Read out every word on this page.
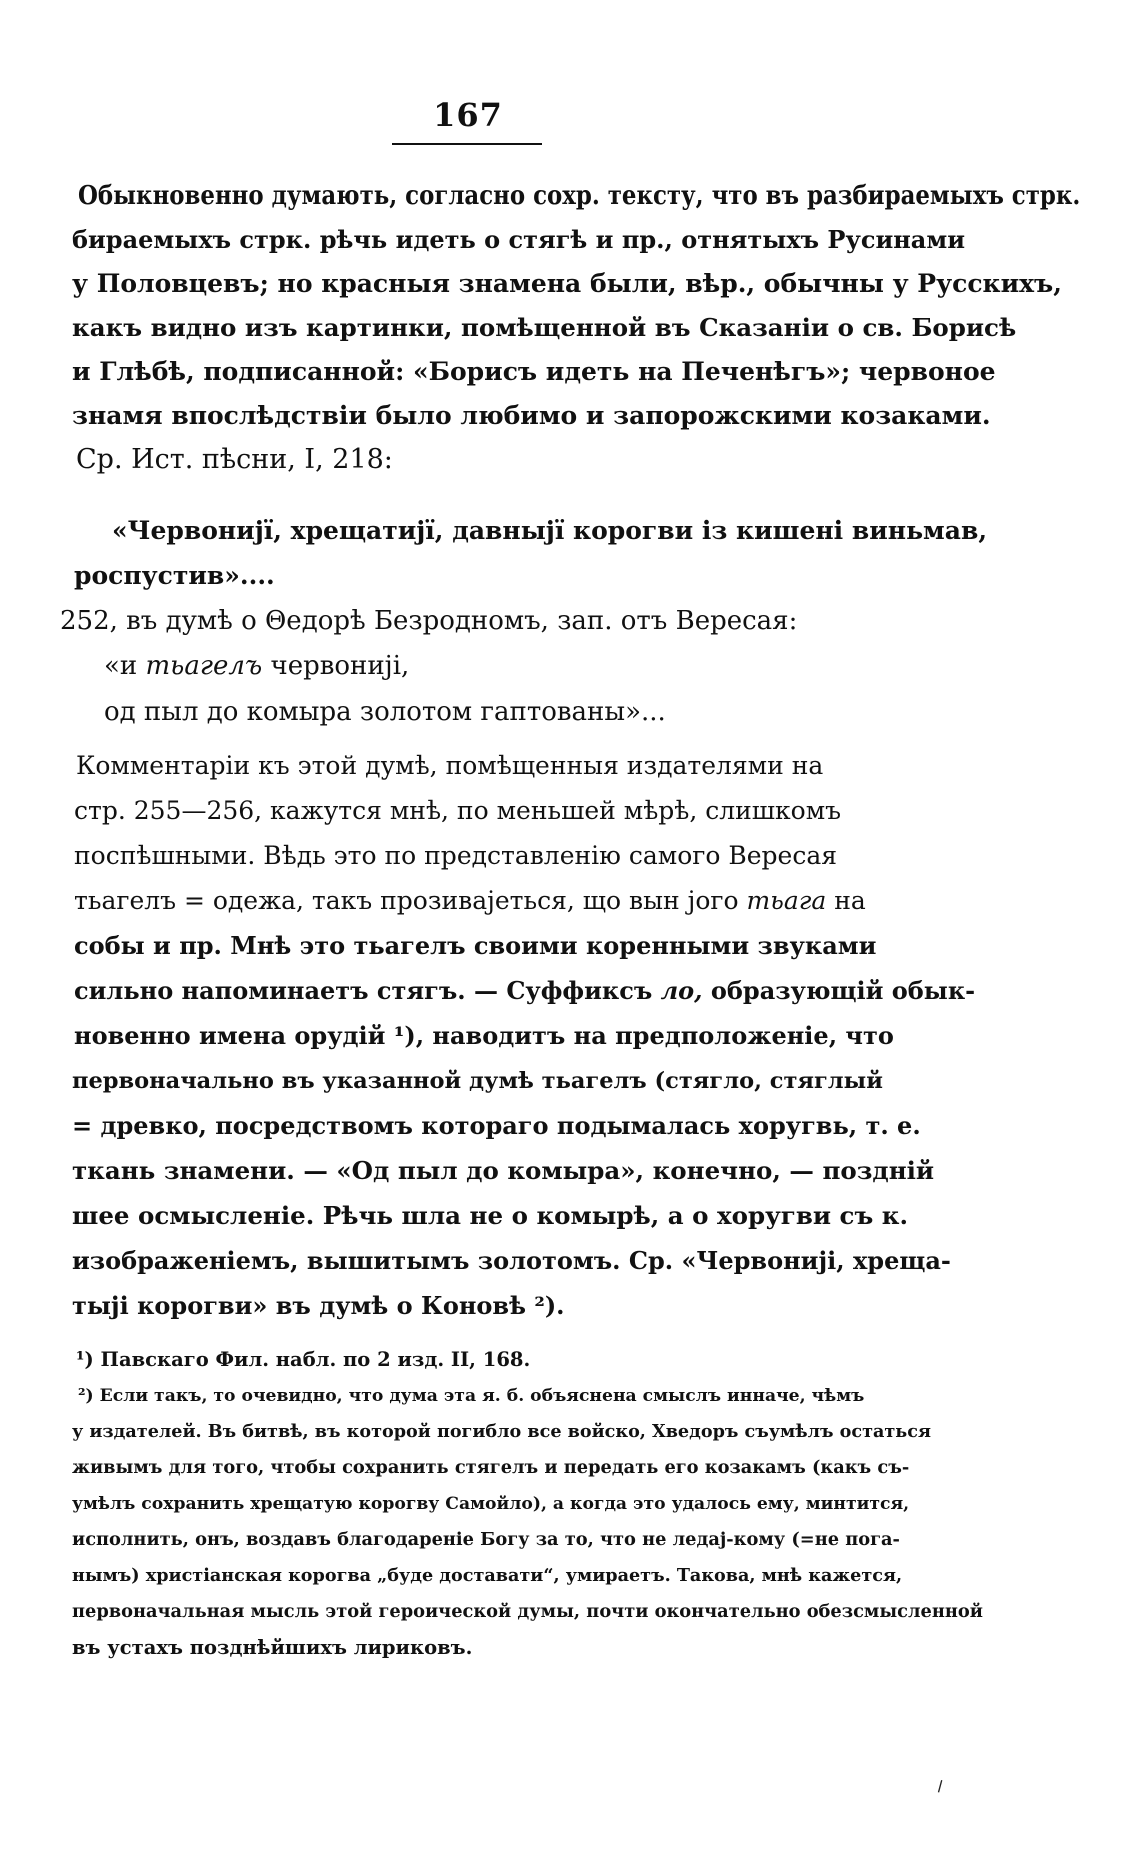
167
Обыкновенно думають, согласно сохр. тексту, что въ разбираемыхъ стрк.
бираемыхъ стрк. рѣчь идеть о стягѣ и пр., отнятыхъ Русинами
у Половцевъ; но красныя знамена были, вѣр., обычны у Русскихъ,
какъ видно изъ картинки, помѣщенной въ Сказаніи о св. Борисѣ
и Глѣбѣ, подписанной: «Борисъ идеть на Печенѣгъ»; червоное
знамя впослѣдствіи было любимо и запорожскими козаками.
Ср. Ист. пѣсни, I, 218:
«Червониjï, хрещатиjï, давныjï корогви із кишені виньмав,
роспустив»....
252, въ думѣ о Θедорѣ Безродномъ, зап. отъ Вересая:
«и тьагелъ червониjі,
од пыл до комыра золотом гаптованы»...
Комментаріи къ этой думѣ, помѣщенныя издателями на
стр. 255—256, кажутся мнѣ, по меньшей мѣрѣ, слишкомъ
поспѣшными. Вѣдь это по представленію самого Вересая
тьагелъ = одежа, такъ прозиваjеться, що вын jого тьага на
собы и пр. Мнѣ это тьагелъ своими коренными звуками
сильно напоминаетъ стягъ. — Суффиксъ ло, образующій обык-
новенно имена орудій ¹), наводитъ на предположеніе, что
первоначально въ указанной думѣ тьагелъ (стягло, стяглый
= древко, посредствомъ котораго подымалась хоругвь, т. е.
ткань знамени. — «Од пыл до комыра», конечно, — поздній
шее осмысленіе. Рѣчь шла не о комырѣ, а о хоругви съ к.
изображеніемъ, вышитымъ золотомъ. Ср. «Червониjі, хреща-
тыjі корогви» въ думѣ о Коновѣ ²).
¹) Павскаго Фил. набл. по 2 изд. II, 168.
²) Если такъ, то очевидно, что дума эта я. б. объяснена смыслъ инначе, чѣмъ
у издателей. Въ битвѣ, въ которой погибло все войско, Хведоръ съумѣлъ остаться
живымъ для того, чтобы сохранить стягелъ и передать его козакамъ (какъ съ-
умѣлъ сохранить хрещатую корогву Самойло), а когда это удалось ему, минтится,
исполнить, онъ, воздавъ благодареніе Богу за то, что не ледаj-кому (=не пога-
нымъ) христіанская корогва „буде доставати“, умираетъ. Такова, мнѣ кажется,
первоначальная мысль этой героической думы, почти окончательно обезсмысленной
въ устахъ позднѣйшихъ лириковъ.
⸝
